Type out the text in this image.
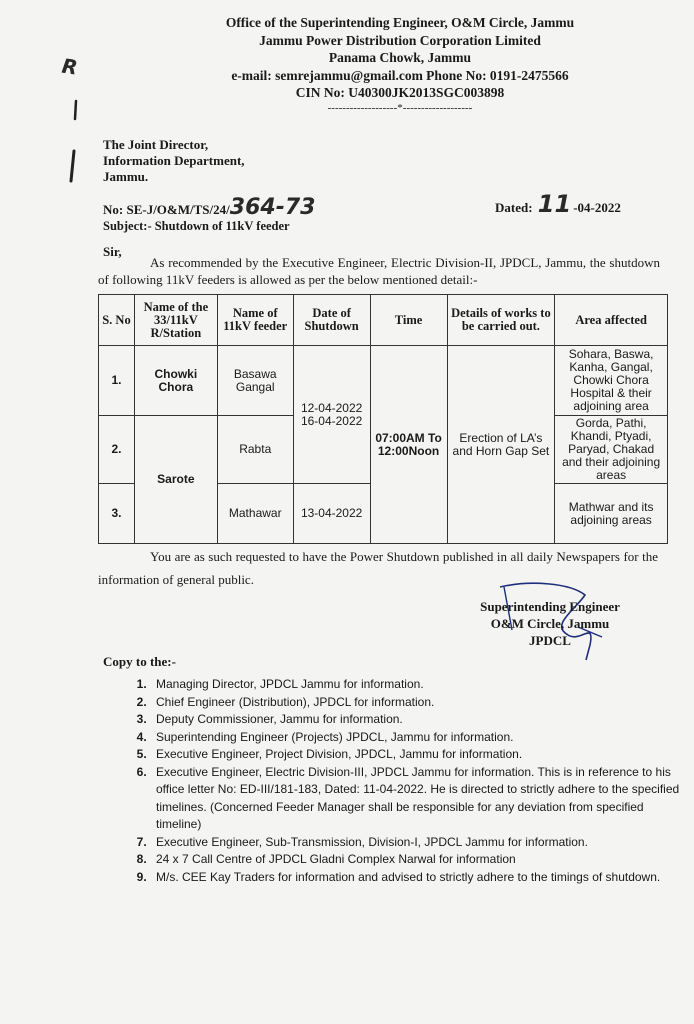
Office of the Superintending Engineer, O&M Circle, Jammu
Jammu Power Distribution Corporation Limited
Panama Chowk, Jammu
e-mail: semrejammu@gmail.com Phone No: 0191-2475566
CIN No: U40300JK2013SGC003898
-------------------*-------------------
R
The Joint Director,
Information Department,
Jammu.
No: SE-J/O&M/TS/24/364-73	Dated: 11 -04-2022
Subject:- Shutdown of 11kV feeder
Sir,
As recommended by the Executive Engineer, Electric Division-II, JPDCL, Jammu, the shutdown of following 11kV feeders is allowed as per the below mentioned detail:-
S. No	Name of the 33/11kV R/Station	Name of 11kV feeder	Date of Shutdown	Time	Details of works to be carried out.	Area affected
1.	Chowki Chora	Basawa Gangal	12-04-2022 16-04-2022	07:00AM To 12:00Noon	Erection of LA’s and Horn Gap Set	Sohara, Baswa, Kanha, Gangal, Chowki Chora Hospital & their adjoining area
2.	Sarote	Rabta				Gorda, Pathi, Khandi, Ptyadi, Paryad, Chakad and their adjoining areas
3.		Mathawar	13-04-2022			Mathwar and its adjoining areas
You are as such requested to have the Power Shutdown published in all daily Newspapers for the information of general public.
Superintending Engineer
O&M Circle, Jammu
JPDCL
Copy to the:-
1. Managing Director, JPDCL Jammu for information.
2. Chief Engineer (Distribution), JPDCL for information.
3. Deputy Commissioner, Jammu for information.
4. Superintending Engineer (Projects) JPDCL, Jammu for information.
5. Executive Engineer, Project Division, JPDCL, Jammu for information.
6. Executive Engineer, Electric Division-III, JPDCL Jammu for information. This is in reference to his office letter No: ED-III/181-183, Dated: 11-04-2022. He is directed to strictly adhere to the specified timelines. (Concerned Feeder Manager shall be responsible for any deviation from specified timeline)
7. Executive Engineer, Sub-Transmission, Division-I, JPDCL Jammu for information.
8. 24 x 7 Call Centre of JPDCL Gladni Complex Narwal for information
9. M/s. CEE Kay Traders for information and advised to strictly adhere to the timings of shutdown.
